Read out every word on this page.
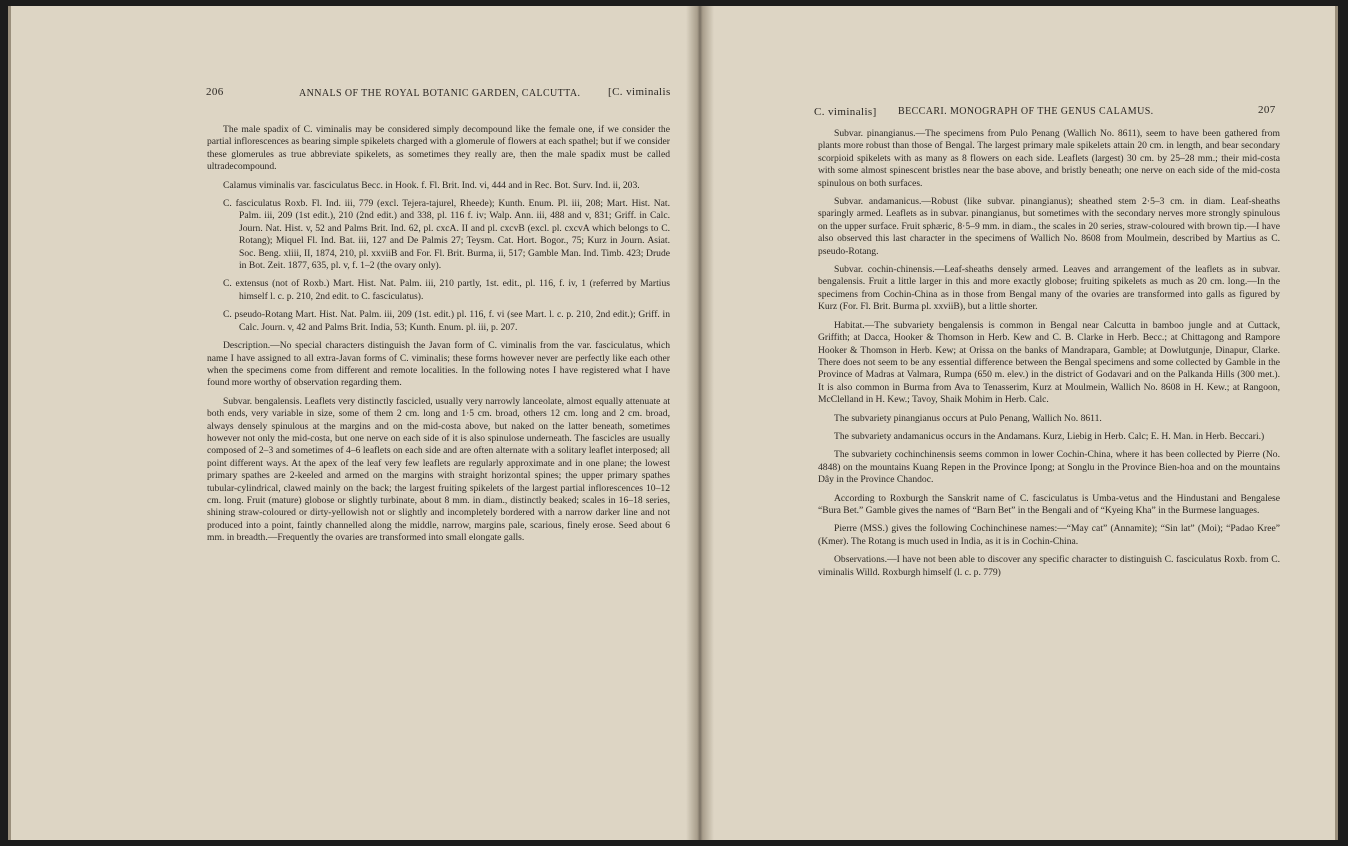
206	ANNALS OF THE ROYAL BOTANIC GARDEN, CALCUTTA.	[C. viminalis

The male spadix of C. viminalis may be considered simply decompound like the female one, if we consider the partial inflorescences as bearing simple spikelets charged with a glomerule of flowers at each spathel; but if we consider these glomerules as true abbreviate spikelets, as sometimes they really are, then the male spadix must be called ultradecompound.

Calamus viminalis var. fasciculatus Becc. in Hook. f. Fl. Brit. Ind. vi, 444 and in Rec. Bot. Surv. Ind. ii, 203.

C. fasciculatus Roxb. Fl. Ind. iii, 779 (excl. Tejera-tajurel, Rheede); Kunth. Enum. Pl. iii, 208; Mart. Hist. Nat. Palm. iii, 209 (1st edit.), 210 (2nd edit.) and 338, pl. 116 f. iv; Walp. Ann. iii, 488 and v, 831; Griff. in Calc. Journ. Nat. Hist. v, 52 and Palms Brit. Ind. 62, pl. cxcA. II and pl. cxcvB (excl. pl. cxcvA which belongs to C. Rotang); Miquel Fl. Ind. Bat. iii, 127 and De Palmis 27; Teysm. Cat. Hort. Bogor., 75; Kurz in Journ. Asiat. Soc. Beng. xliii, II, 1874, 210, pl. xxviiB and For. Fl. Brit. Burma, ii, 517; Gamble Man. Ind. Timb. 423; Drude in Bot. Zeit. 1877, 635, pl. v, f. 1–2 (the ovary only).

C. extensus (not of Roxb.) Mart. Hist. Nat. Palm. iii, 210 partly, 1st. edit., pl. 116, f. iv, 1 (referred by Martius himself l. c. p. 210, 2nd edit. to C. fasciculatus).

C. pseudo-Rotang Mart. Hist. Nat. Palm. iii, 209 (1st. edit.) pl. 116, f. vi (see Mart. l. c. p. 210, 2nd edit.); Griff. in Calc. Journ. v, 42 and Palms Brit. India, 53; Kunth. Enum. pl. iii, p. 207.

Description.—No special characters distinguish the Javan form of C. viminalis from the var. fasciculatus, which name I have assigned to all extra-Javan forms of C. viminalis; these forms however never are perfectly like each other when the specimens come from different and remote localities. In the following notes I have registered what I have found more worthy of observation regarding them.

Subvar. bengalensis. Leaflets very distinctly fascicled, usually very narrowly lanceolate, almost equally attenuate at both ends, very variable in size, some of them 2 cm. long and 1·5 cm. broad, others 12 cm. long and 2 cm. broad, always densely spinulous at the margins and on the mid-costa above, but naked on the latter beneath, sometimes however not only the mid-costa, but one nerve on each side of it is also spinulose underneath. The fascicles are usually composed of 2–3 and sometimes of 4–6 leaflets on each side and are often alternate with a solitary leaflet interposed; all point different ways. At the apex of the leaf very few leaflets are regularly approximate and in one plane; the lowest primary spathes are 2-keeled and armed on the margins with straight horizontal spines; the upper primary spathes tubular-cylindrical, clawed mainly on the back; the largest fruiting spikelets of the largest partial inflorescences 10–12 cm. long. Fruit (mature) globose or slightly turbinate, about 8 mm. in diam., distinctly beaked; scales in 16–18 series, shining straw-coloured or dirty-yellowish not or slightly and incompletely bordered with a narrow darker line and not produced into a point, faintly channelled along the middle, narrow, margins pale, scarious, finely erose. Seed about 6 mm. in breadth.—Frequently the ovaries are transformed into small elongate galls.

C. viminalis] BECCARI. MONOGRAPH OF THE GENUS CALAMUS.	207

Subvar. pinangianus.—The specimens from Pulo Penang (Wallich No. 8611), seem to have been gathered from plants more robust than those of Bengal. The largest primary male spikelets attain 20 cm. in length, and bear secondary scorpioid spikelets with as many as 8 flowers on each side. Leaflets (largest) 30 cm. by 25–28 mm.; their mid-costa with some almost spinescent bristles near the base above, and bristly beneath; one nerve on each side of the mid-costa spinulous on both surfaces.

Subvar. andamanicus.—Robust (like subvar. pinangianus); sheathed stem 2·5–3 cm. in diam. Leaf-sheaths sparingly armed. Leaflets as in subvar. pinangianus, but sometimes with the secondary nerves more strongly spinulous on the upper surface. Fruit sphæric, 8·5–9 mm. in diam., the scales in 20 series, straw-coloured with brown tip.—I have also observed this last character in the specimens of Wallich No. 8608 from Moulmein, described by Martius as C. pseudo-Rotang.

Subvar. cochin-chinensis.—Leaf-sheaths densely armed. Leaves and arrangement of the leaflets as in subvar. bengalensis. Fruit a little larger in this and more exactly globose; fruiting spikelets as much as 20 cm. long.—In the specimens from Cochin-China as in those from Bengal many of the ovaries are transformed into galls as figured by Kurz (For. Fl. Brit. Burma pl. xxviiB), but a little shorter.

Habitat.—The subvariety bengalensis is common in Bengal near Calcutta in bamboo jungle and at Cuttack, Griffith; at Dacca, Hooker & Thomson in Herb. Kew and C. B. Clarke in Herb. Becc.; at Chittagong and Rampore Hooker & Thomson in Herb. Kew; at Orissa on the banks of Mandrapara, Gamble; at Dowlutgunje, Dinapur, Clarke. There does not seem to be any essential difference between the Bengal specimens and some collected by Gamble in the Province of Madras at Valmara, Rumpa (650 m. elev.) in the district of Godavari and on the Palkanda Hills (300 met.). It is also common in Burma from Ava to Tenasserim, Kurz at Moulmein, Wallich No. 8608 in H. Kew.; at Rangoon, McClelland in H. Kew.; Tavoy, Shaik Mohim in Herb. Calc.

The subvariety pinangianus occurs at Pulo Penang, Wallich No. 8611.

The subvariety andamanicus occurs in the Andamans. Kurz, Liebig in Herb. Calc; E. H. Man. in Herb. Beccari.)

The subvariety cochinchinensis seems common in lower Cochin-China, where it has been collected by Pierre (No. 4848) on the mountains Kuang Repen in the Province Ipong; at Songlu in the Province Bien-hoa and on the mountains Dây in the Province Chandoc.

According to Roxburgh the Sanskrit name of C. fasciculatus is Umba-vetus and the Hindustani and Bengalese “Bura Bet.” Gamble gives the names of “Barn Bet” in the Bengali and of “Kyeing Kha” in the Burmese languages.

Pierre (MSS.) gives the following Cochinchinese names:—“May cat” (Annamite); “Sin lat” (Moi); “Padao Kree” (Kmer). The Rotang is much used in India, as it is in Cochin-China.

Observations.—I have not been able to discover any specific character to distinguish C. fasciculatus Roxb. from C. viminalis Willd. Roxburgh himself (l. c. p. 779)
